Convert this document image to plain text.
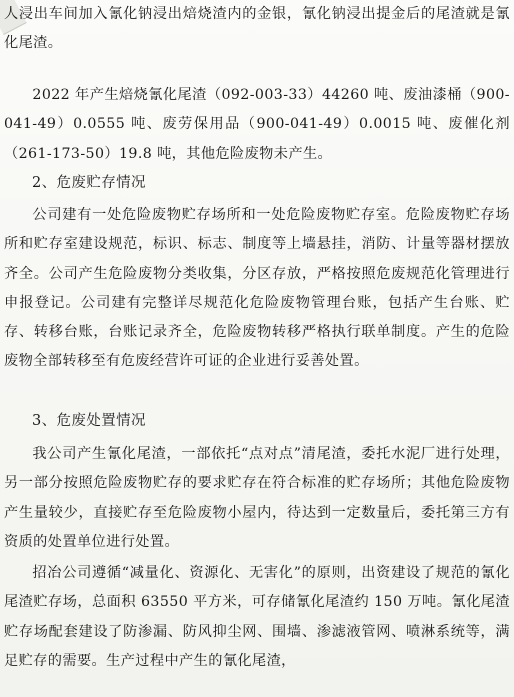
人浸出车间加入氰化钠浸出焙烧渣内的金银，氰化钠浸出提金后的尾渣就是氰化尾渣。

2022 年产生焙烧氰化尾渣（092-003-33）44260 吨、废油漆桶（900-041-49）0.0555 吨、废劳保用品（900-041-49）0.0015 吨、废催化剂（261-173-50）19.8 吨，其他危险废物未产生。

2、危废贮存情况

公司建有一处危险废物贮存场所和一处危险废物贮存室。危险废物贮存场所和贮存室建设规范，标识、标志、制度等上墙悬挂，消防、计量等器材摆放齐全。公司产生危险废物分类收集，分区存放，严格按照危废规范化管理进行申报登记。公司建有完整详尽规范化危险废物管理台账，包括产生台账、贮存、转移台账，台账记录齐全，危险废物转移严格执行联单制度。产生的危险废物全部转移至有危废经营许可证的企业进行妥善处置。

3、危废处置情况

我公司产生氰化尾渣，一部依托“点对点”清尾渣，委托水泥厂进行处理，另一部分按照危险废物贮存的要求贮存在符合标准的贮存场所；其他危险废物产生量较少，直接贮存至危险废物小屋内，待达到一定数量后，委托第三方有资质的处置单位进行处置。

招冶公司遵循“减量化、资源化、无害化”的原则，出资建设了规范的氰化尾渣贮存场，总面积 63550 平方米，可存储氰化尾渣约 150 万吨。氰化尾渣贮存场配套建设了防渗漏、防风抑尘网、围墙、渗滤液管网、喷淋系统等，满足贮存的需要。生产过程中产生的氰化尾渣，
